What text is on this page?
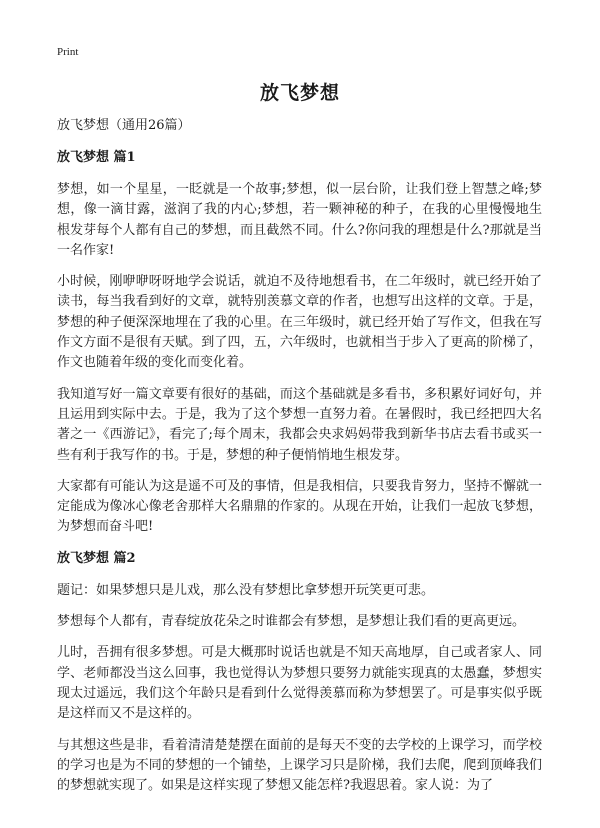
Print
放飞梦想

放飞梦想（通用26篇）

放飞梦想 篇1

梦想，如一个星星，一眨就是一个故事;梦想，似一层台阶，让我们登上智慧之峰;梦想，像一滴甘露，滋润了我的内心;梦想，若一颗神秘的种子，在我的心里慢慢地生根发芽每个人都有自己的梦想，而且截然不同。什么?你问我的理想是什么?那就是当一名作家!

小时候，刚咿咿呀呀地学会说话，就迫不及待地想看书，在二年级时，就已经开始了读书，每当我看到好的文章，就特别羡慕文章的作者，也想写出这样的文章。于是，梦想的种子便深深地埋在了我的心里。在三年级时，就已经开始了写作文，但我在写作文方面不是很有天赋。到了四，五，六年级时，也就相当于步入了更高的阶梯了，作文也随着年级的变化而变化着。

我知道写好一篇文章要有很好的基础，而这个基础就是多看书，多积累好词好句，并且运用到实际中去。于是，我为了这个梦想一直努力着。在暑假时，我已经把四大名著之一《西游记》，看完了;每个周末，我都会央求妈妈带我到新华书店去看书或买一些有利于我写作的书。于是，梦想的种子便悄悄地生根发芽。

大家都有可能认为这是遥不可及的事情，但是我相信，只要我肯努力，坚持不懈就一定能成为像冰心像老舍那样大名鼎鼎的作家的。从现在开始，让我们一起放飞梦想，为梦想而奋斗吧!

放飞梦想 篇2

题记：如果梦想只是儿戏，那么没有梦想比拿梦想开玩笑更可悲。

梦想每个人都有，青春绽放花朵之时谁都会有梦想，是梦想让我们看的更高更远。

儿时，吾拥有很多梦想。可是大概那时说话也就是不知天高地厚，自己或者家人、同学、老师都没当这么回事，我也觉得认为梦想只要努力就能实现真的太愚蠢，梦想实现太过遥远，我们这个年龄只是看到什么觉得羡慕而称为梦想罢了。可是事实似乎既是这样而又不是这样的。

与其想这些是非，看着清清楚楚摆在面前的是每天不变的去学校的上课学习，而学校的学习也是为不同的梦想的一个铺垫，上课学习只是阶梯，我们去爬，爬到顶峰我们的梦想就实现了。如果是这样实现了梦想又能怎样?我遐思着。家人说：为了
